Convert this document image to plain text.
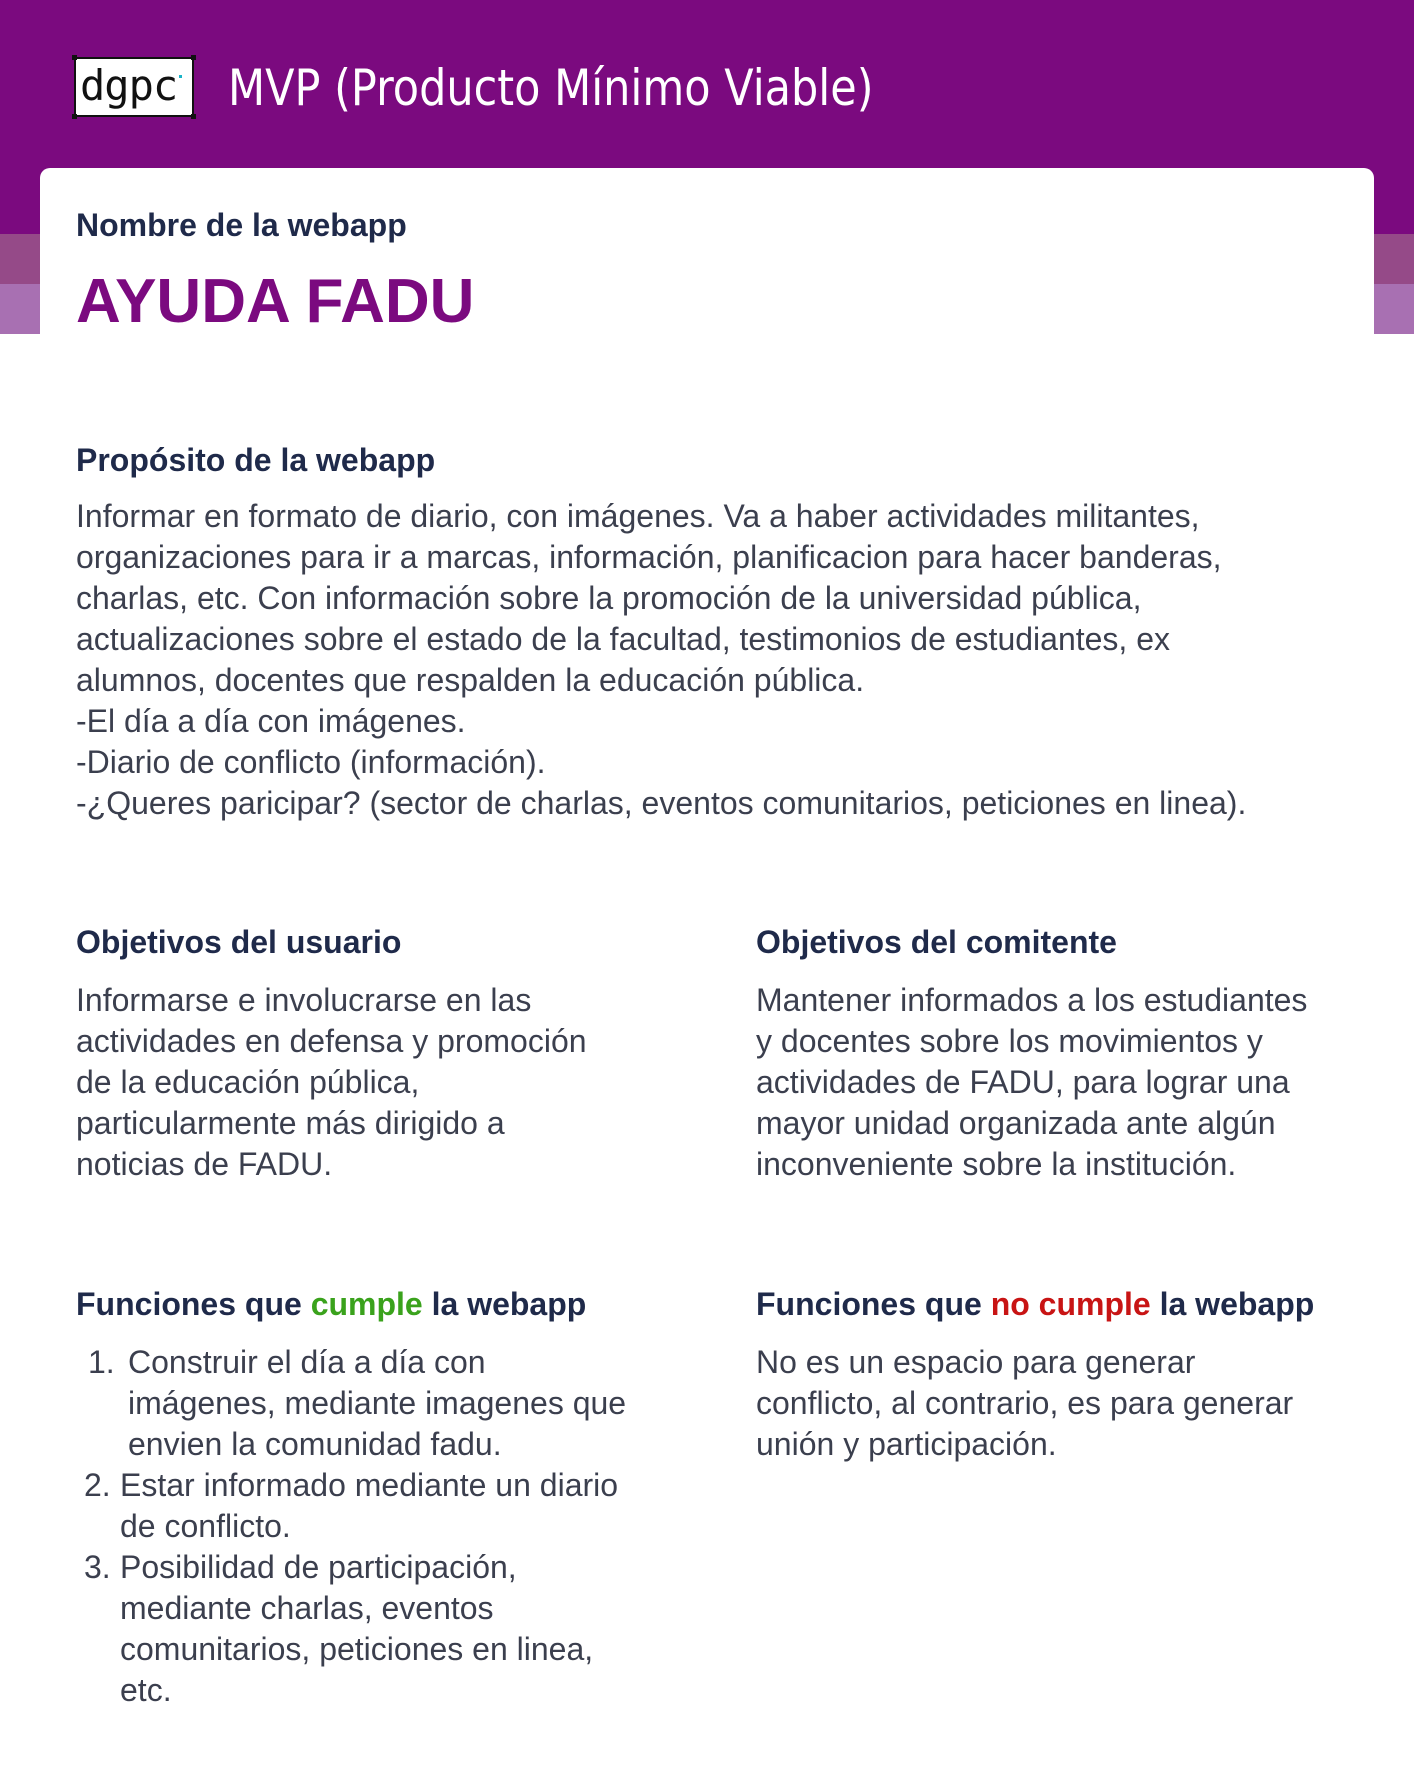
dgpc MVP (Producto Mínimo Viable)

Nombre de la webapp

AYUDA FADU

Propósito de la webapp

Informar en formato de diario, con imágenes. Va a haber actividades militantes,

organizaciones para ir a marcas, información, planificacion para hacer banderas,

charlas, etc. Con información sobre la promoción de la universidad pública,

actualizaciones sobre el estado de la facultad, testimonios de estudiantes, ex

alumnos, docentes que respalden la educación pública.

-El día a día con imágenes.

-Diario de conflicto (información).

-¿Queres paricipar? (sector de charlas, eventos comunitarios, peticiones en linea).

Objetivos del usuario

Informarse e involucrarse en las

actividades en defensa y promoción

de la educación pública,

particularmente más dirigido a

noticias de FADU.

Objetivos del comitente

Mantener informados a los estudiantes

y docentes sobre los movimientos y

actividades de FADU, para lograr una

mayor unidad organizada ante algún

inconveniente sobre la institución.

Funciones que cumple la webapp

1. Construir el día a día con
imágenes, mediante imagenes que
envien la comunidad fadu.
2. Estar informado mediante un diario
de conflicto.
3. Posibilidad de participación,
mediante charlas, eventos
comunitarios, peticiones en linea,
etc.

Funciones que no cumple la webapp

No es un espacio para generar

conflicto, al contrario, es para generar

unión y participación.
